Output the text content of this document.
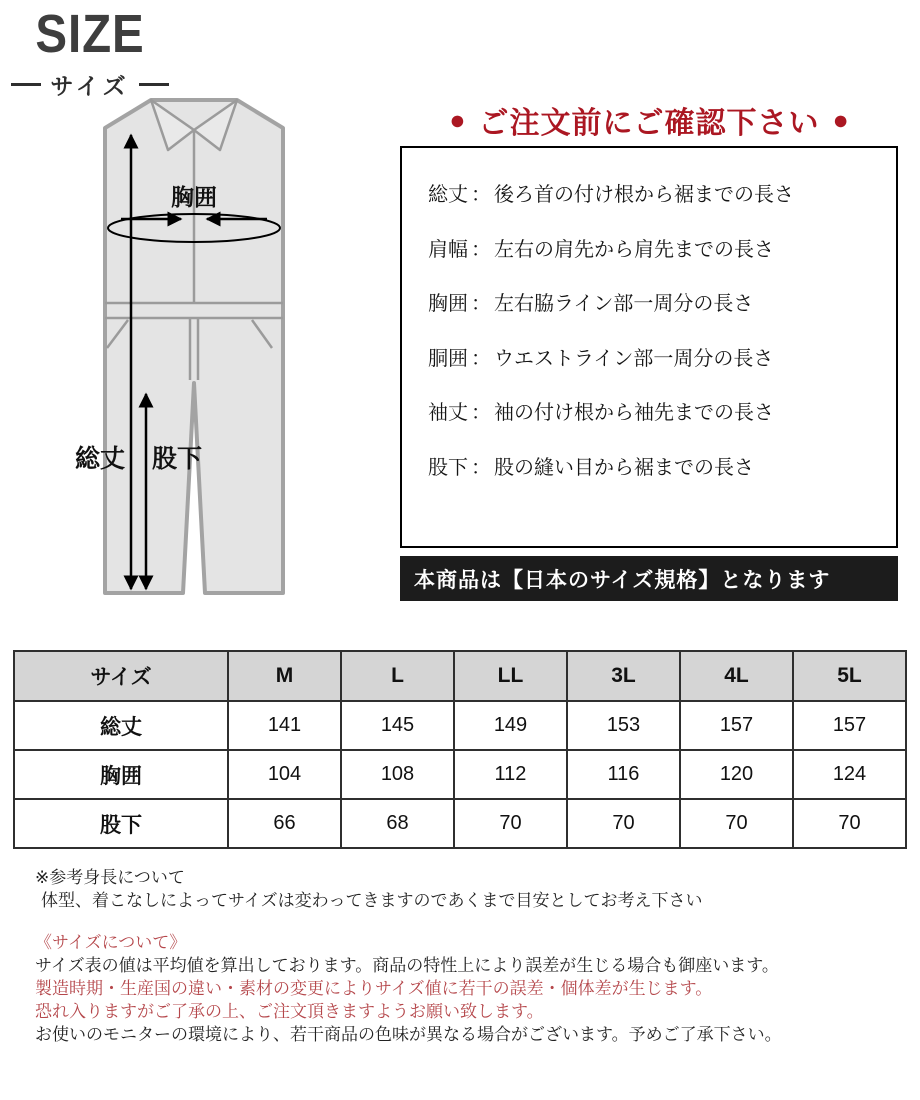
SIZE
サイズ
胸囲
総丈 股下
● ご注文前にご確認下さい ●
総丈 ： 後ろ首の付け根から裾までの長さ
肩幅 ： 左右の肩先から肩先までの長さ
胸囲 ： 左右脇ライン部一周分の長さ
胴囲 ： ウエストライン部一周分の長さ
袖丈 ： 袖の付け根から袖先までの長さ
股下 ： 股の縫い目から裾までの長さ
本商品は【日本のサイズ規格】となります
サイズ	M	L	LL	3L	4L	5L
総丈	141	145	149	153	157	157
胸囲	104	108	112	116	120	124
股下	66	68	70	70	70	70
※参考身長について
体型、着こなしによってサイズは変わってきますのであくまで目安としてお考え下さい
《サイズについて》
サイズ表の値は平均値を算出しております。商品の特性上により誤差が生じる場合も御座います。
製造時期・生産国の違い・素材の変更によりサイズ値に若干の誤差・個体差が生じます。
恐れ入りますがご了承の上、ご注文頂きますようお願い致します。
お使いのモニターの環境により、若干商品の色味が異なる場合がございます。予めご了承下さい。
